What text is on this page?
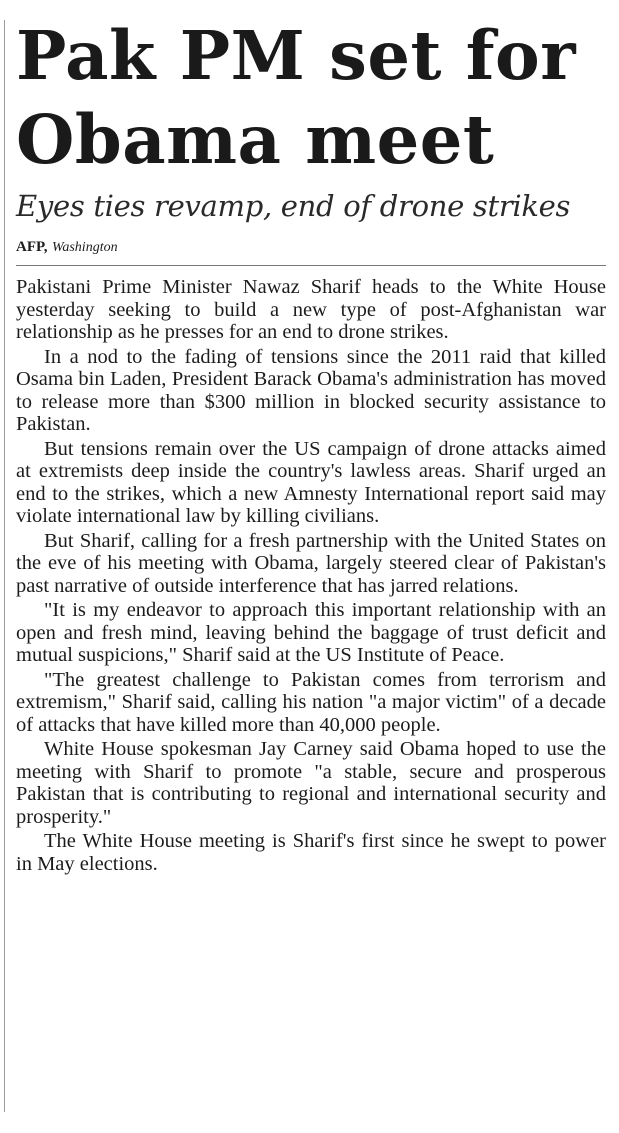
Pak PM set for
Obama meet
Eyes ties revamp, end of drone strikes
AFP, Washington

Pakistani Prime Minister Nawaz Sharif heads to the White House yesterday seeking to build a new type of post-Afghanistan war relationship as he presses for an end to drone strikes.

In a nod to the fading of tensions since the 2011 raid that killed Osama bin Laden, President Barack Obama's administration has moved to release more than $300 million in blocked security assistance to Pakistan.

But tensions remain over the US campaign of drone attacks aimed at extremists deep inside the country's lawless areas. Sharif urged an end to the strikes, which a new Amnesty International report said may violate international law by killing civilians.

But Sharif, calling for a fresh partnership with the United States on the eve of his meeting with Obama, largely steered clear of Pakistan's past narrative of outside interference that has jarred relations.

"It is my endeavor to approach this important relationship with an open and fresh mind, leaving behind the baggage of trust deficit and mutual suspicions," Sharif said at the US Institute of Peace.

"The greatest challenge to Pakistan comes from terrorism and extremism," Sharif said, calling his nation "a major victim" of a decade of attacks that have killed more than 40,000 people.

White House spokesman Jay Carney said Obama hoped to use the meeting with Sharif to promote "a stable, secure and prosperous Pakistan that is contributing to regional and international security and prosperity."

The White House meeting is Sharif's first since he swept to power in May elections.
